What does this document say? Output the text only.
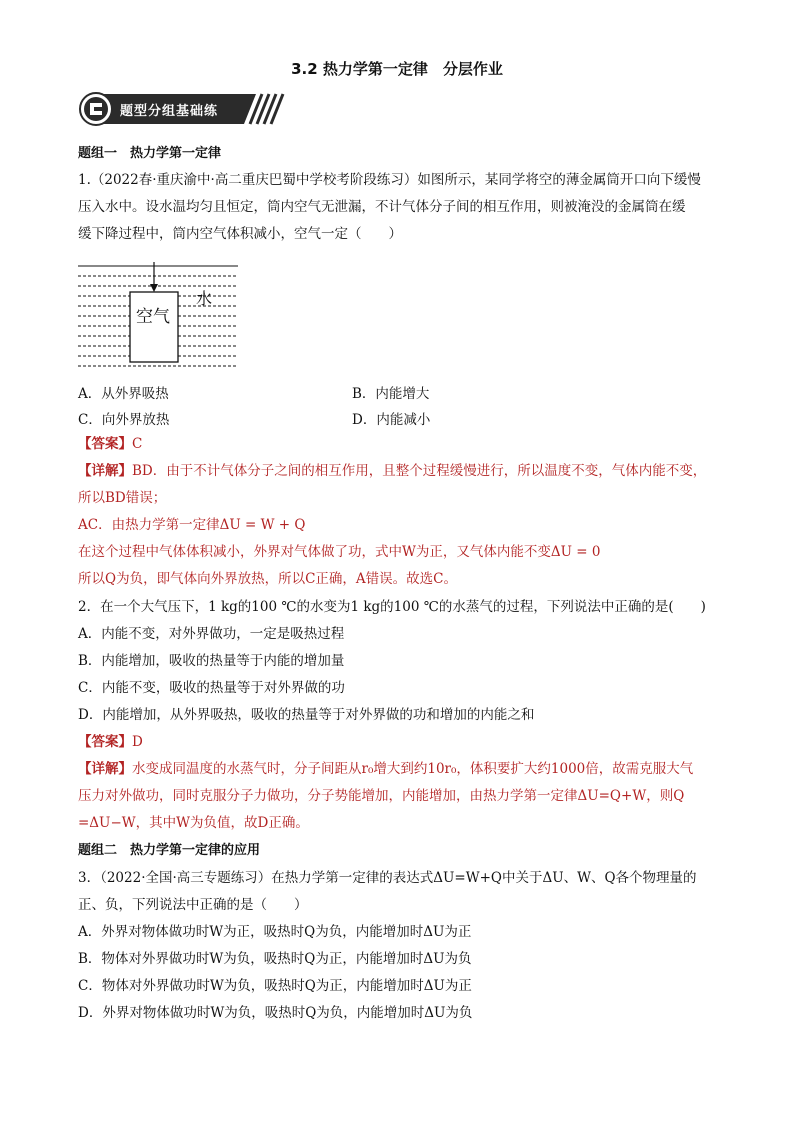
3.2 热力学第一定律　分层作业
题型分组基础练
题组一　热力学第一定律
1.（2022春·重庆渝中·高二重庆巴蜀中学校考阶段练习）如图所示，某同学将空的薄金属筒开口向下缓慢
压入水中。设水温均匀且恒定，筒内空气无泄漏，不计气体分子间的相互作用，则被淹没的金属筒在缓
缓下降过程中，筒内空气体积减小，空气一定（　　）
空气
水
A．从外界吸热	B．内能增大
C．向外界放热	D．内能减小
【答案】C
【详解】BD．由于不计气体分子之间的相互作用，且整个过程缓慢进行，所以温度不变，气体内能不变，
所以BD错误；
AC．由热力学第一定律ΔU = W + Q
在这个过程中气体体积减小，外界对气体做了功，式中W为正，又气体内能不变ΔU = 0
所以Q为负，即气体向外界放热，所以C正确，A错误。故选C。
2．在一个大气压下，1 kg的100 ℃的水变为1 kg的100 ℃的水蒸气的过程，下列说法中正确的是(　　)
A．内能不变，对外界做功，一定是吸热过程
B．内能增加，吸收的热量等于内能的增加量
C．内能不变，吸收的热量等于对外界做的功
D．内能增加，从外界吸热，吸收的热量等于对外界做的功和增加的内能之和
【答案】D
【详解】水变成同温度的水蒸气时，分子间距从r₀增大到约10r₀，体积要扩大约1000倍，故需克服大气
压力对外做功，同时克服分子力做功，分子势能增加，内能增加，由热力学第一定律ΔU=Q+W，则Q
=ΔU−W，其中W为负值，故D正确。
题组二　热力学第一定律的应用
3．（2022·全国·高三专题练习）在热力学第一定律的表达式ΔU=W+Q中关于ΔU、W、Q各个物理量的
正、负，下列说法中正确的是（　　）
A．外界对物体做功时W为正，吸热时Q为负，内能增加时ΔU为正
B．物体对外界做功时W为负，吸热时Q为正，内能增加时ΔU为负
C．物体对外界做功时W为负，吸热时Q为正，内能增加时ΔU为正
D．外界对物体做功时W为负，吸热时Q为负，内能增加时ΔU为负
